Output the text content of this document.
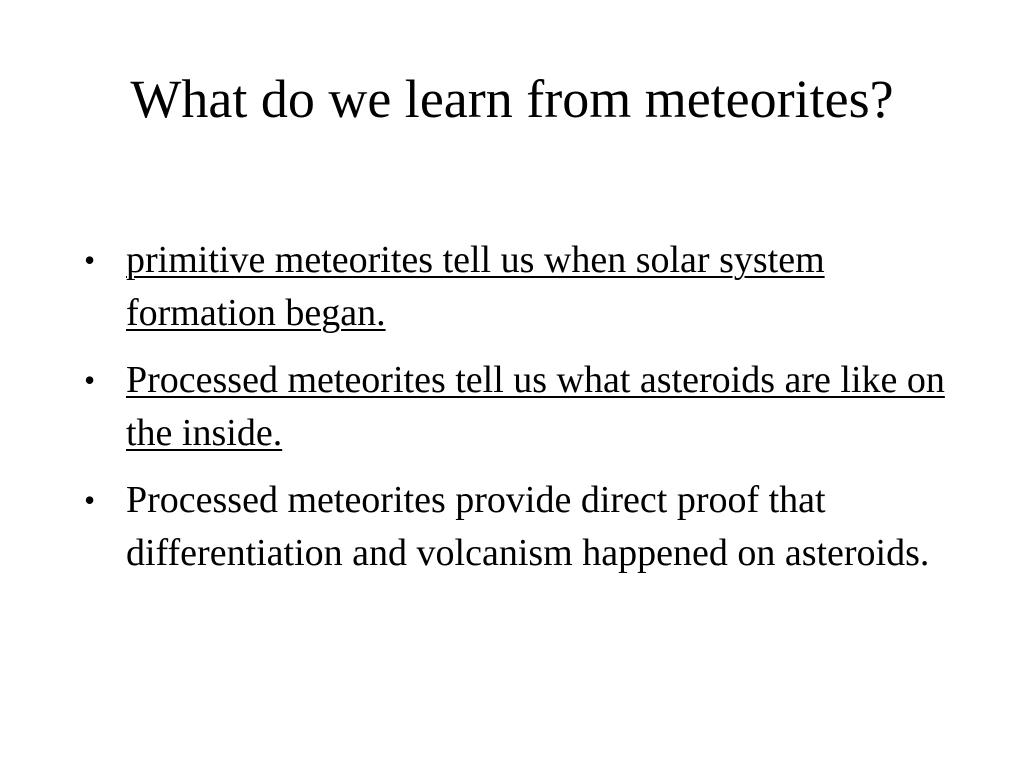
What do we learn from meteorites?
• primitive meteorites tell us when solar system formation began.
• Processed meteorites tell us what asteroids are like on the inside.
• Processed meteorites provide direct proof that differentiation and volcanism happened on asteroids.
